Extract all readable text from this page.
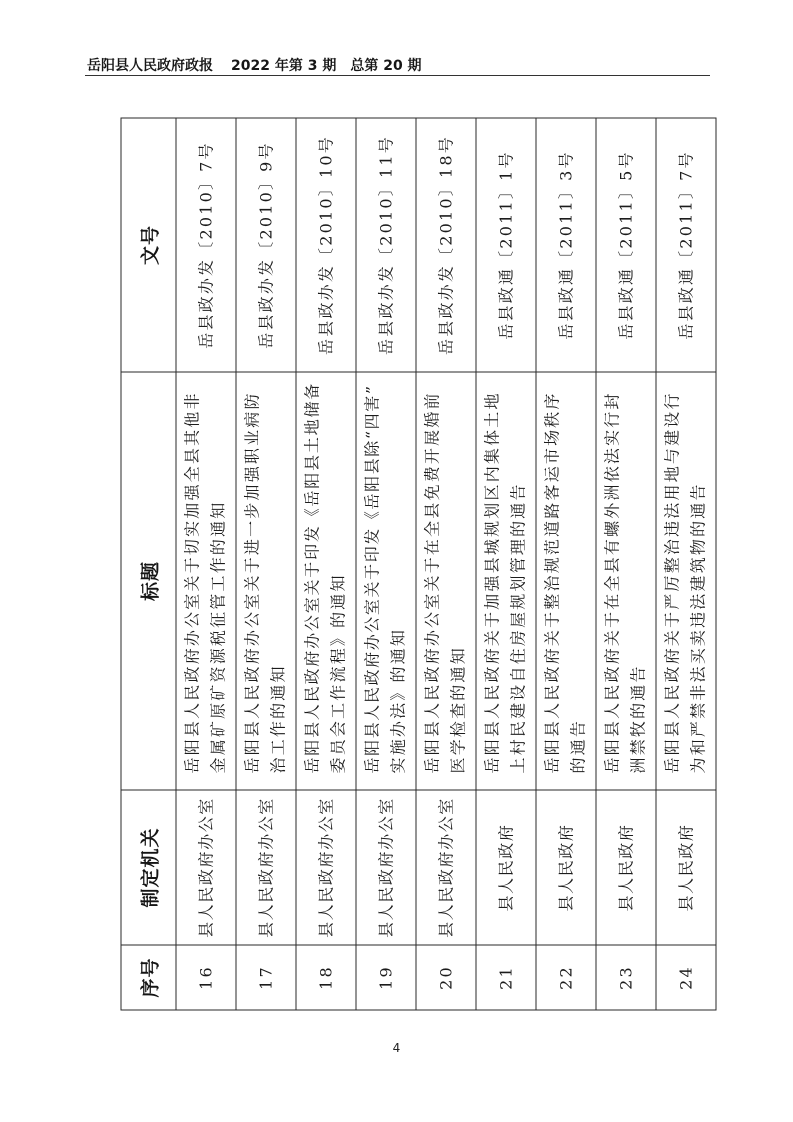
岳阳县人民政府政报 2022 年第 3 期 总第 20 期
序号	制定机关	标题	文号

16	县人民政府办公室	岳阳县人民政府办公室关于切实加强全县其他非 金属矿原矿资源税征管工作的通知	岳县政办发〔2010〕7号

17	县人民政府办公室	岳阳县人民政府办公室关于进一步加强职业病防 治工作的通知	岳县政办发〔2010〕9号

18	县人民政府办公室	岳阳县人民政府办公室关于印发《岳阳县土地储备 委员会工作流程》的通知	岳县政办发〔2010〕10号

19	县人民政府办公室	岳阳县人民政府办公室关于印发《岳阳县除“四害” 实施办法》的通知	岳县政办发〔2010〕11号

20	县人民政府办公室	岳阳县人民政府办公室关于在全县免费开展婚前 医学检查的通知	岳县政办发〔2010〕18号

21	县人民政府	岳阳县人民政府关于加强县城规划区内集体土地 上村民建设自住房屋规划管理的通告	岳县政通〔2011〕1号

22	县人民政府	岳阳县人民政府关于整治规范道路客运市场秩序 的通告	岳县政通〔2011〕3号

23	县人民政府	岳阳县人民政府关于在全县有螺外洲依法实行封 洲禁牧的通告	岳县政通〔2011〕5号

24	县人民政府	岳阳县人民政府关于严厉整治违法用地与建设行 为和严禁非法买卖违法建筑物的通告	岳县政通〔2011〕7号
4
